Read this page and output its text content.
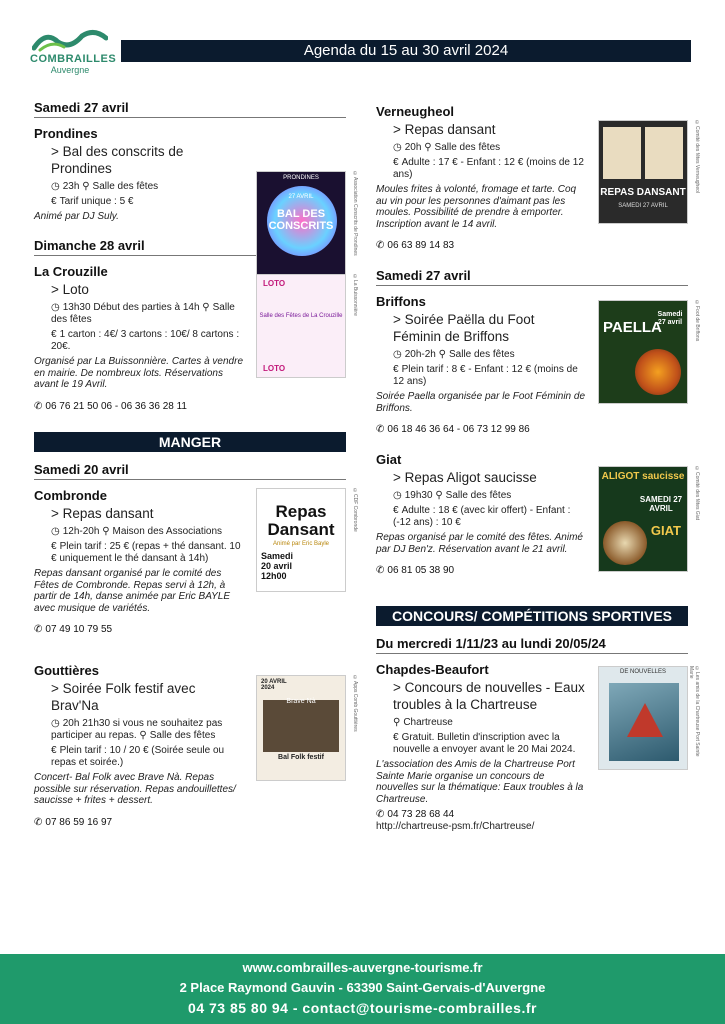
COMBRAILLES
Auvergne
Agenda du 15 au 30 avril 2024
Samedi 27 avril
Prondines
> Bal des conscrits de Prondines
◷ 23h ⚲ Salle des fêtes
€ Tarif unique : 5 €
Animé par DJ Suly.
PRONDINES
BAL DES CONSCRITS
27 AVRIL	©Association Conscrits de Prondines
Dimanche 28 avril
La Crouzille
> Loto
◷ 13h30 Début des parties à 14h ⚲ Salle des fêtes
€ 1 carton : 4€/ 3 cartons : 10€/ 8 cartons : 20€.
Organisé par La Buissonnière. Cartes à vendre en mairie. De nombreux lots. Réservations avant le 19 Avril.
✆ 06 76 21 50 06 - 06 36 36 28 11
LOTO
Salle des Fêtes de La Crouzille
LOTO
©La Buissonnière
MANGER
Samedi 20 avril
Combronde
> Repas dansant
◷ 12h-20h ⚲ Maison des Associations
€ Plein tarif : 25 € (repas + thé dansant. 10 € uniquement le thé dansant à 14h)
Repas dansant organisé par le comité des Fêtes de Combronde. Repas servi à 12h, à partir de 14h, danse animée par Eric BAYLE avec musique de variétés.
✆ 07 49 10 79 55
Repas Dansant
Animé par Eric Bayle
Samedi 20 avril 12h00
©CDF Combronde
Gouttières
> Soirée Folk festif avec Brav'Na
◷ 20h 21h30 si vous ne souhaitez pas participer au repas. ⚲ Salle des fêtes
€ Plein tarif : 10 / 20 € (Soirée seule ou repas et soirée.)
Concert- Bal Folk avec Brave Nà. Repas possible sur réservation. Repas andouillettes/ saucisse + frites + dessert.
✆ 07 86 59 16 97
20 AVRIL 2024
Brave Nà
Bal Folk festif
©Apps Comb Gouttières
Verneugheol
> Repas dansant
◷ 20h ⚲ Salle des fêtes
€ Adulte : 17 € - Enfant : 12 € (moins de 12 ans)
Moules frites à volonté, fromage et tarte. Coq au vin pour les personnes d'aimant pas les moules. Possibilité de prendre à emporter. Inscription avant le 14 avril.
✆ 06 63 89 14 83
REPAS DANSANT
SAMEDI 27 AVRIL
©Comité des fêtes Verneugheol
Samedi 27 avril
Briffons
> Soirée Paëlla du Foot Féminin de Briffons
◷ 20h-2h ⚲ Salle des fêtes
€ Plein tarif : 8 € - Enfant : 12 € (moins de 12 ans)
Soirée Paella organisée par le Foot Féminin de Briffons.
✆ 06 18 46 36 64 - 06 73 12 99 86
PAELLA
Samedi 27 avril ©Foot de Briffons
Giat
> Repas Aligot saucisse
◷ 19h30 ⚲ Salle des fêtes
€ Adulte : 18 € (avec kir offert) - Enfant : (-12 ans) : 10 €
Repas organisé par le comité des fêtes. Animé par DJ Ben'z. Réservation avant le 21 avril.
✆ 06 81 05 38 90
ALIGOT saucisse
SAMEDI 27 AVRIL
GIAT
©Comité des fêtes Giat
CONCOURS/ COMPÉTITIONS SPORTIVES
Du mercredi 1/11/23 au lundi 20/05/24
Chapdes-Beaufort
> Concours de nouvelles - Eaux troubles à la Chartreuse
⚲ Chartreuse
€ Gratuit. Bulletin d'inscription avec la nouvelle a envoyer avant le 20 Mai 2024.
L'association des Amis de la Chartreuse Port Sainte Marie organise un concours de nouvelles sur la thématique: Eaux troubles à la Chartreuse.
✆ 04 73 28 68 44
http://chartreuse-psm.fr/Chartreuse/
DE NOUVELLES	©Les amis de la Chartreuse Port Sainte Marie
www.combrailles-auvergne-tourisme.fr
2 Place Raymond Gauvin - 63390 Saint-Gervais-d'Auvergne
04 73 85 80 94 - contact@tourisme-combrailles.fr
